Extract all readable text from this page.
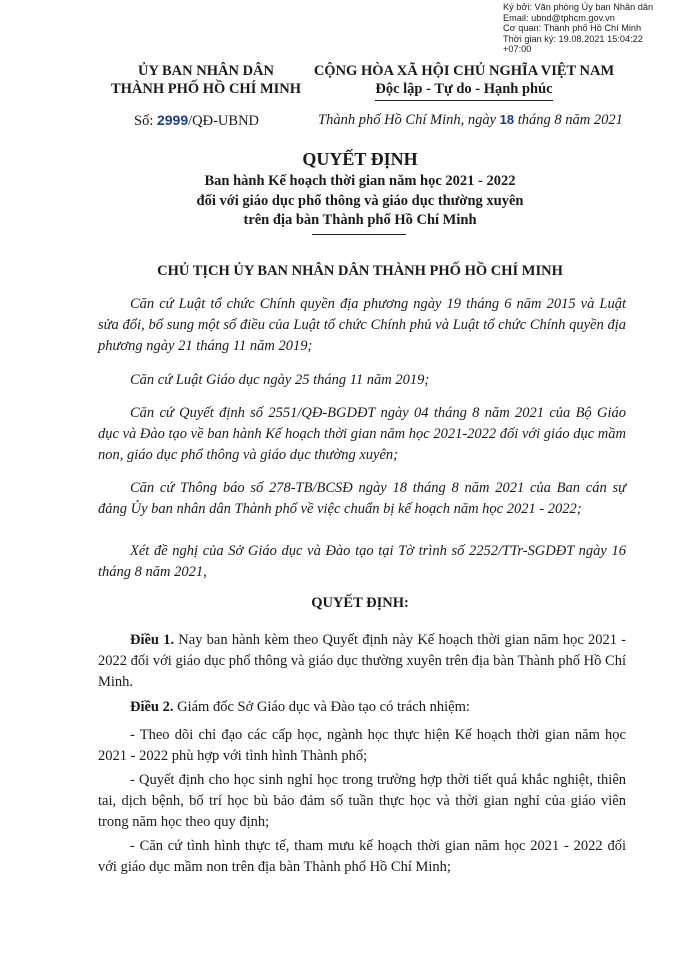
Ký bởi: Văn phòng Ủy ban Nhân dân
Email: ubnd@tphcm.gov.vn
Cơ quan: Thành phố Hồ Chí Minh
Thời gian ký: 19.08.2021 15:04:22
+07:00
ỦY BAN NHÂN DÂN
THÀNH PHỐ HỒ CHÍ MINH
CỘNG HÒA XÃ HỘI CHỦ NGHĨA VIỆT NAM
Độc lập - Tự do - Hạnh phúc
Số: 2999/QĐ-UBND	Thành phố Hồ Chí Minh, ngày 18 tháng 8 năm 2021
QUYẾT ĐỊNH
Ban hành Kế hoạch thời gian năm học 2021 - 2022
đối với giáo dục phổ thông và giáo dục thường xuyên
trên địa bàn Thành phố Hồ Chí Minh
CHỦ TỊCH ỦY BAN NHÂN DÂN THÀNH PHỐ HỒ CHÍ MINH
Căn cứ Luật tổ chức Chính quyền địa phương ngày 19 tháng 6 năm 2015 và Luật sửa đổi, bổ sung một số điều của Luật tổ chức Chính phủ và Luật tổ chức Chính quyền địa phương ngày 21 tháng 11 năm 2019;
Căn cứ Luật Giáo dục ngày 25 tháng 11 năm 2019;
Căn cứ Quyết định số 2551/QĐ-BGDĐT ngày 04 tháng 8 năm 2021 của Bộ Giáo dục và Đào tạo về ban hành Kế hoạch thời gian năm học 2021-2022 đối với giáo dục mầm non, giáo dục phổ thông và giáo dục thường xuyên;
Căn cứ Thông báo số 278-TB/BCSĐ ngày 18 tháng 8 năm 2021 của Ban cán sự đảng Ủy ban nhân dân Thành phố về việc chuẩn bị kế hoạch năm học 2021 - 2022;
Xét đề nghị của Sở Giáo dục và Đào tạo tại Tờ trình số 2252/TTr-SGDĐT ngày 16 tháng 8 năm 2021,
QUYẾT ĐỊNH:
Điều 1. Nay ban hành kèm theo Quyết định này Kế hoạch thời gian năm học 2021 - 2022 đối với giáo dục phổ thông và giáo dục thường xuyên trên địa bàn Thành phố Hồ Chí Minh.
Điều 2. Giám đốc Sở Giáo dục và Đào tạo có trách nhiệm:
- Theo dõi chỉ đạo các cấp học, ngành học thực hiện Kế hoạch thời gian năm học 2021 - 2022 phù hợp với tình hình Thành phố;
- Quyết định cho học sinh nghỉ học trong trường hợp thời tiết quá khắc nghiệt, thiên tai, dịch bệnh, bố trí học bù bảo đảm số tuần thực học và thời gian nghỉ của giáo viên trong năm học theo quy định;
- Căn cứ tình hình thực tế, tham mưu kế hoạch thời gian năm học 2021 - 2022 đối với giáo dục mầm non trên địa bàn Thành phố Hồ Chí Minh;
